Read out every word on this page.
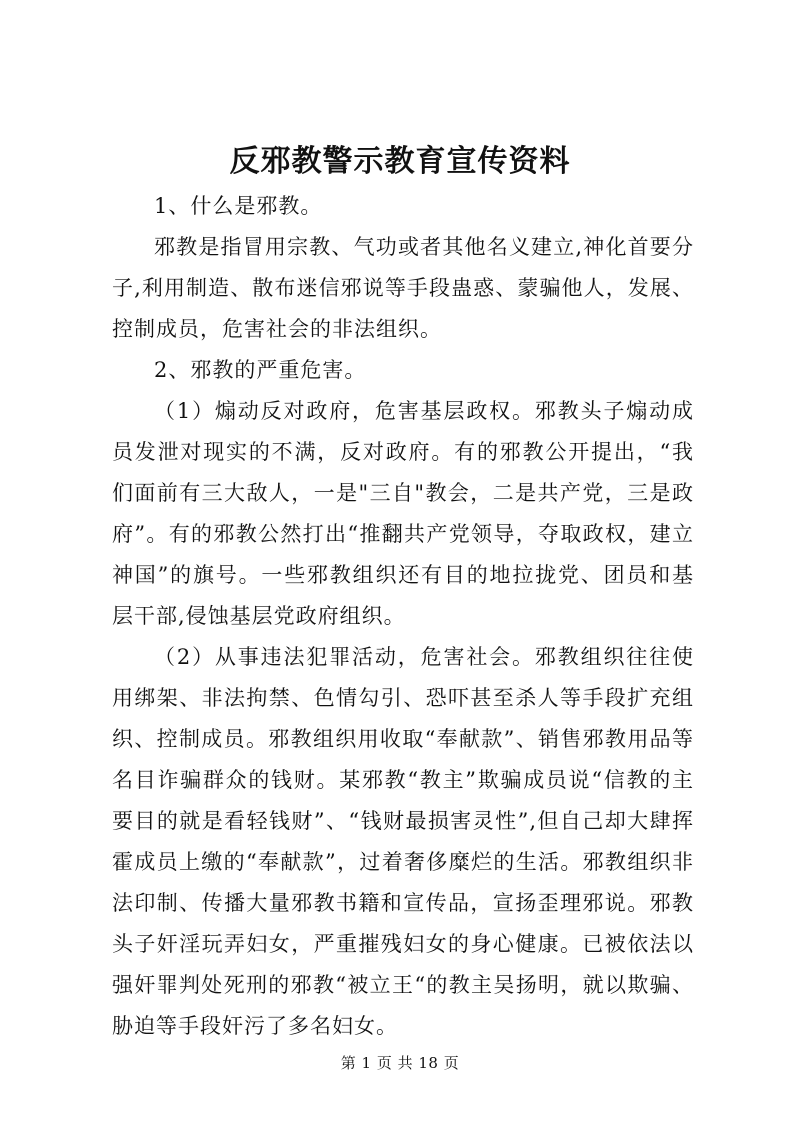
反邪教警示教育宣传资料

1、什么是邪教。

邪教是指冒用宗教、气功或者其他名义建立,神化首要分子,利用制造、散布迷信邪说等手段蛊惑、蒙骗他人，发展、控制成员，危害社会的非法组织。

2、邪教的严重危害。

（1）煽动反对政府，危害基层政权。邪教头子煽动成员发泄对现实的不满，反对政府。有的邪教公开提出，“我们面前有三大敌人，一是"三自"教会，二是共产党，三是政府”。有的邪教公然打出“推翻共产党领导，夺取政权，建立神国”的旗号。一些邪教组织还有目的地拉拢党、团员和基层干部,侵蚀基层党政府组织。

（2）从事违法犯罪活动，危害社会。邪教组织往往使用绑架、非法拘禁、色情勾引、恐吓甚至杀人等手段扩充组织、控制成员。邪教组织用收取“奉献款”、销售邪教用品等名目诈骗群众的钱财。某邪教“教主”欺骗成员说“信教的主要目的就是看轻钱财”、“钱财最损害灵性”,但自己却大肆挥霍成员上缴的“奉献款”，过着奢侈糜烂的生活。邪教组织非法印制、传播大量邪教书籍和宣传品，宣扬歪理邪说。邪教头子奸淫玩弄妇女，严重摧残妇女的身心健康。已被依法以强奸罪判处死刑的邪教“被立王“的教主吴扬明，就以欺骗、胁迫等手段奸污了多名妇女。

第 1 页 共 18 页
